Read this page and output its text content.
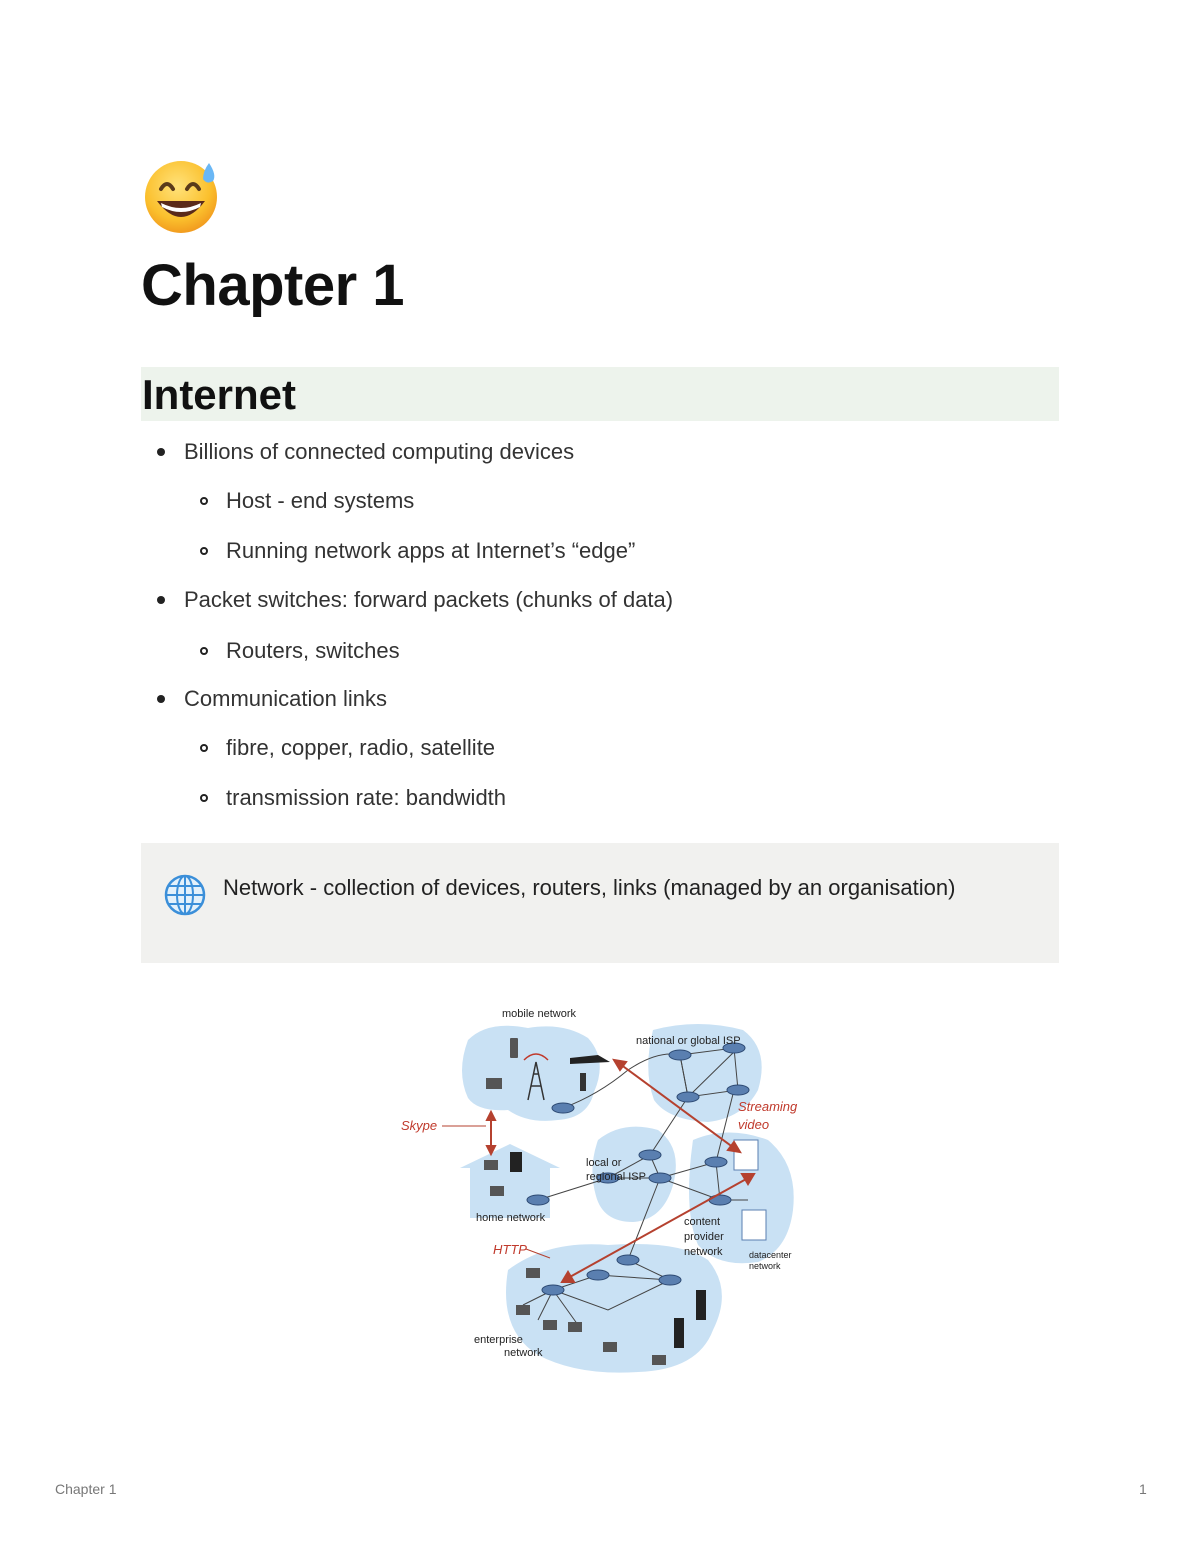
Chapter 1
Internet
Billions of connected computing devices
Host - end systems
Running network apps at Internet’s “edge”
Packet switches: forward packets (chunks of data)
Routers, switches
Communication links
fibre, copper, radio, satellite
transmission rate: bandwidth
Network - collection of devices, routers, links (managed by an organisation)
mobile network
national or global ISP
Streaming
video
Skype
local or
regional ISP
home network	content
provider
network	datacenter
network
HTTP
enterprise
network
Chapter 1	1
